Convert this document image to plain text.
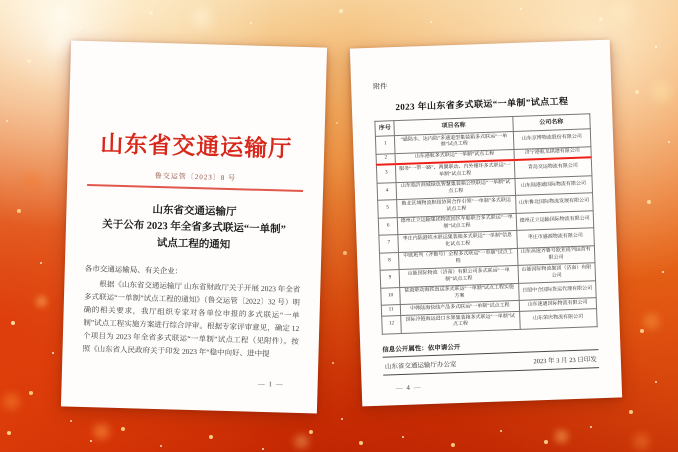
山东省交通运输厅
鲁交运管〔2023〕8 号
山东省交通运输厅
关于公布 2023 年全省多式联运“一单制”
试点工程的通知
各市交通运输局、有关企业：

根据《山东省交通运输厅 山东省财政厅关于开展 2023 年全省多式联运“一单制”试点工程的通知》（鲁交运管〔2022〕32 号）明确的相关要求，我厅组织专家对各单位申报的多式联运“一单制”试点工程实施方案进行综合评审。根据专家评审意见，确定 12 个项目为 2023 年全省多式联运“一单制”试点工程（见附件）。按照《山东省人民政府关于印发 2023 年“稳中向好、进中提

— 1 —
附件
2023 年山东省多式联运“一单制”试点工程
序号	项目名称	公司名称
1	“通陆水、达内陆”多通道型集装箱多式联运“一单制”试点工程	山东京博物流股份有限公司
2	山东港航多式联运“一单制”试点工程	济宁港航龙拱港有限公司
3	服务“一带一路”、两翼联动、内外循环多式联运“一单制”试点工程	青岛交运物流有限公司
4	山东临沂商城绿色智慧集装箱公铁联运“一单制”试点工程	山东陆港通国际物流有限公司
5	鲁北区域物流枢纽协同合作引领“一单制”多式联运试点工程	山东鲁北国际物流发展有限公司
6	德州正立运输集团物流园区车船联合多式联运“一单制”试点工程	德州正立运输国际物流有限公司
7	枣庄内陆港铁水联运集装箱多式联运“一单制”信息化试点工程	枣庄市盛源物流有限公司
8	中欧班列（齐鲁号）全程多式联运“一单制”试点工程	山东高速齐鲁号欧亚班列运营有限公司
9	山能国际物流（济南）有限公司多式联运“一单制”试点工程	山能国际物流集团（济南）有限公司
10	陆海联动海铁直运多式联运“一单制”试点工程实施方案	日照中合国际货运代理有限公司
11	中韩陆海快线产品多式联运“一单制”试点工程	山东速通国际物流有限公司
12	国际冷链海运进口水果集装箱多式联运“一单制”试点工程	山东荣庆物流有限公司
信息公开属性：依申请公开
山东省交通运输厅办公室
2023 年 3 月 23 日印发
— 4 —
